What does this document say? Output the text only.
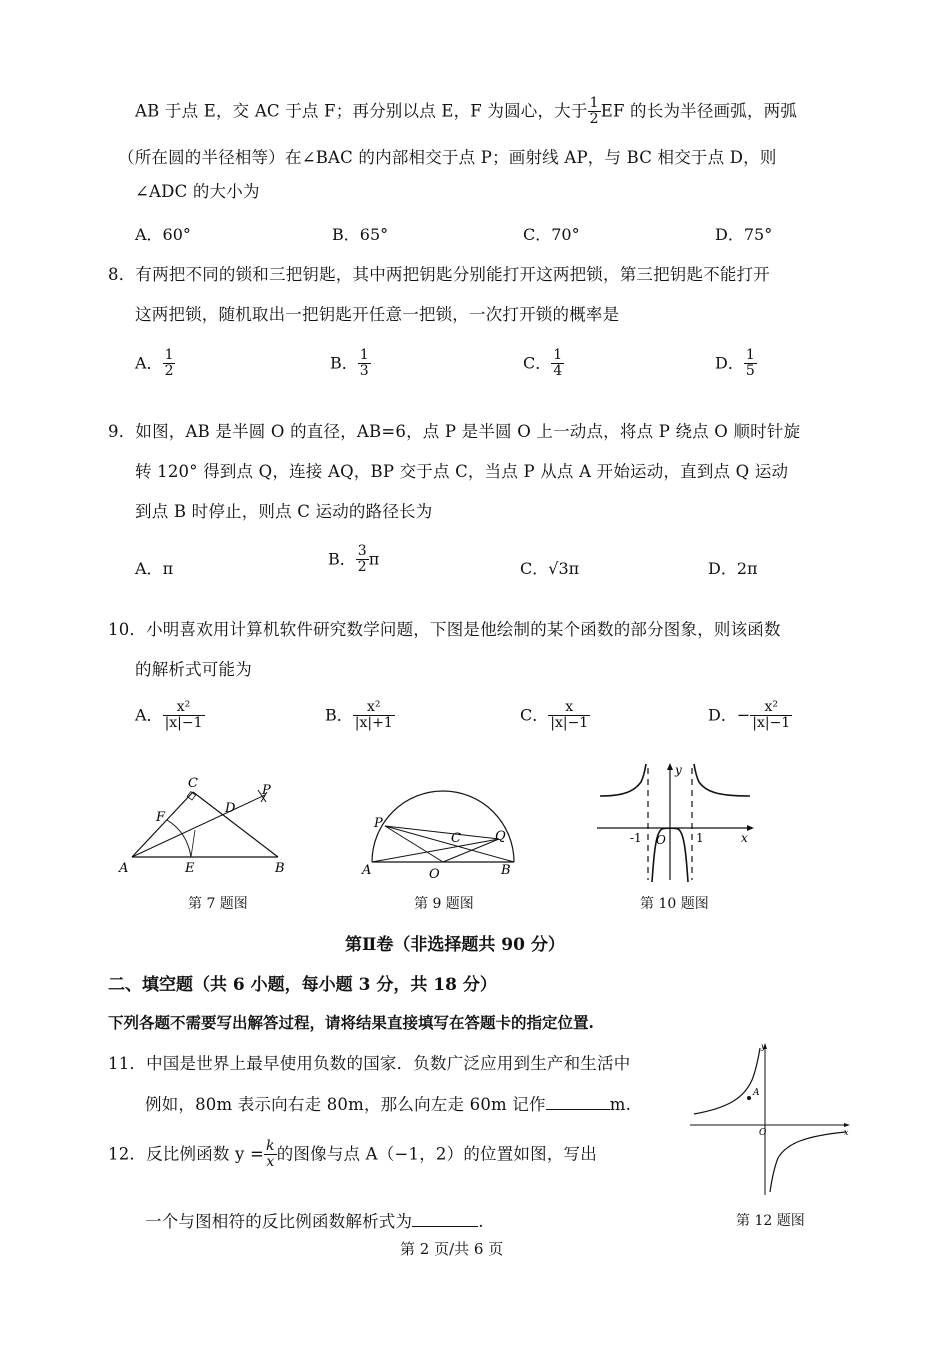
AB 于点 E，交 AC 于点 F；再分别以点 E，F 为圆心，大于 $\frac{1}{2}$ EF 的长为半径画弧，两弧
（所在圆的半径相等）在∠BAC 的内部相交于点 P；画射线 AP，与 BC 相交于点 D，则
∠ADC 的大小为
A．60°	B．65°	C．70°	D．75°
8．有两把不同的锁和三把钥匙，其中两把钥匙分别能打开这两把锁，第三把钥匙不能打开
这两把锁，随机取出一把钥匙开任意一把锁，一次打开锁的概率是
A． $\frac{1}{2}$	B． $\frac{1}{3}$	C． $\frac{1}{4}$	D． $\frac{1}{5}$
9．如图，AB 是半圆 O 的直径，AB=6，点 P 是半圆 O 上一动点，将点 P 绕点 O 顺时针旋
转 120° 得到点 Q，连接 AQ，BP 交于点 C，当点 P 从点 A 开始运动，直到点 Q 运动
到点 B 时停止，则点 C 运动的路径长为
A．π
B． $\frac{3}{2}$ π
C．√3π	D．2π
10．小明喜欢用计算机软件研究数学问题，下图是他绘制的某个函数的部分图象，则该函数
的解析式可能为
A． $\frac{\text{x²}}{|x|-1}$	B． $\frac{\text{x²}}{|x|+1}$	C． $\frac{x}{|x|-1}$	D．− $\frac{\text{x²}}{|x|-1}$
A	B
C
D
E
F
P
第 7 题图
A	B
O
P
Q
C
第 9 题图
y
x
-1 O	1
第 10 题图
第Ⅱ卷（非选择题共 90 分）
二、填空题（共 6 小题，每小题 3 分，共 18 分）
下列各题不需要写出解答过程，请将结果直接填写在答题卡的指定位置.
11．中国是世界上最早使用负数的国家．负数广泛应用到生产和生活中
例如，80m 表示向右走 80m，那么向左走 60m 记作	m.
12．反比例函数 $y = \frac{k}{x}$ 的图像与点 A（−1，2）的位置如图，写出
一个与图相符的反比例函数解析式为	.
A
O
y
x
第 12 题图
第 2 页/共 6 页
